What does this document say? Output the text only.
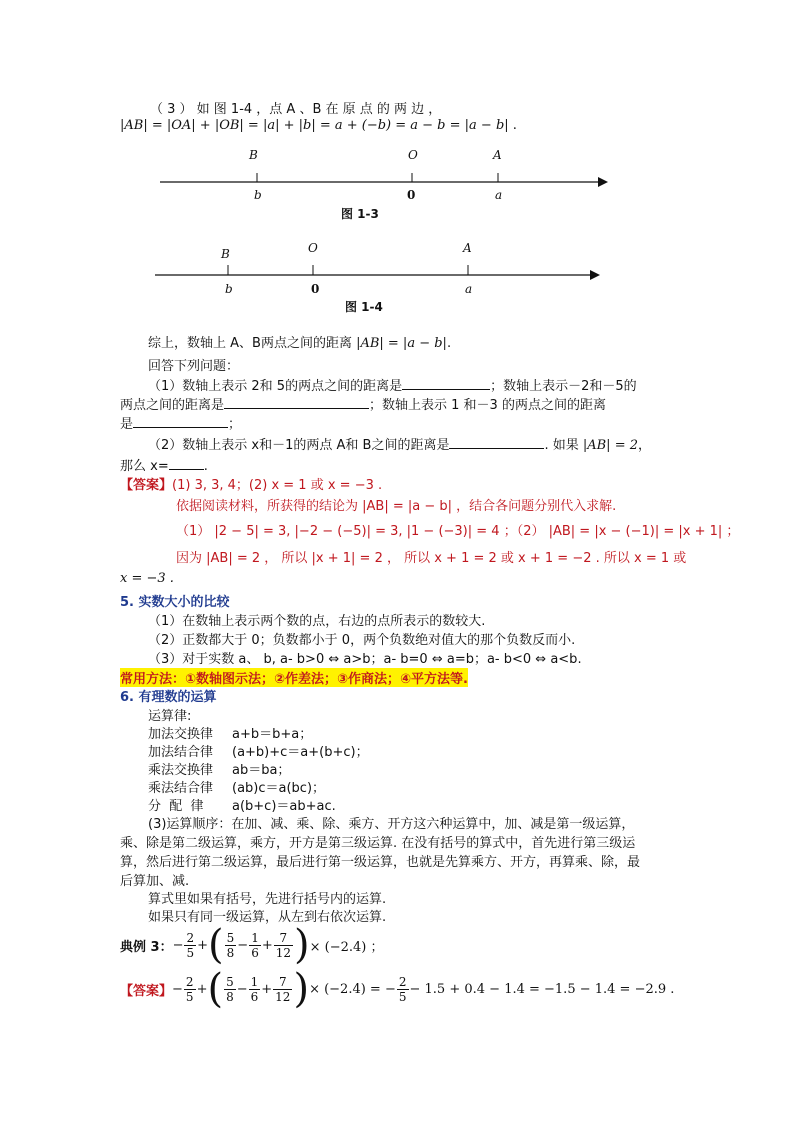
（ 3 ） 如 图 1-4 ，点 A 、B 在 原 点 的 两 边 ，
|AB| = |OA| + |OB| = |a| + |b| = a + (−b) = a − b = |a − b| .
B	O	A
b	0	a
图 1-3
B	O	A
b	0	a
图 1-4
综上，数轴上 A、B两点之间的距离 |AB| = |a − b|.
回答下列问题：
（1）数轴上表示 2和 5的两点之间的距离是	；数轴上表示－2和－5的
两点之间的距离是	；数轴上表示 1 和－3 的两点之间的距离
是	；
（2）数轴上表示 x和－1的两点 A和 B之间的距离是	. 如果 |AB| = 2，
那么 x=	.
【答案】(1) 3, 3, 4；(2) x = 1 或 x = −3 .
依据阅读材料，所获得的结论为 |AB| = |a − b| ，结合各问题分别代入求解.
（1） |2 − 5| = 3, |−2 − (−5)| = 3, |1 − (−3)| = 4 ；（2） |AB| = |x − (−1)| = |x + 1| ；
因为 |AB| = 2 ， 所以 |x + 1| = 2 ， 所以 x + 1 = 2 或 x + 1 = −2 . 所以 x = 1 或
x = −3 .
5. 实数大小的比较
（1）在数轴上表示两个数的点，右边的点所表示的数较大.
（2）正数都大于 0；负数都小于 0，两个负数绝对值大的那个负数反而小.
（3）对于实数 a、 b, a- b>0 ⇔ a>b；a- b=0 ⇔ a=b；a- b<0 ⇔ a<b.
常用方法：①数轴图示法；②作差法；③作商法；④平方法等.
6. 有理数的运算
运算律:
加法交换律 a+b＝b+a；
加法结合律 (a+b)+c＝a+(b+c)；
乘法交换律 ab＝ba；
乘法结合律 (ab)c＝a(bc)；
分  配  律 a(b+c)＝ab+ac.
(3)运算顺序：在加、减、乘、除、乘方、开方这六种运算中，加、减是第一级运算，
乘、除是第二级运算，乘方，开方是第三级运算. 在没有括号的算式中，首先进行第三级运
算，然后进行第二级运算，最后进行第一级运算，也就是先算乘方、开方，再算乘、除，最
后算加、减.
算式里如果有括号，先进行括号内的运算.
如果只有同一级运算，从左到右依次运算.
典例 3： − $\frac{2}{5}$ + ( 5
$8 - \frac{1}{6} + \frac{7}{12}$ ) × (−2.4) ；
【答案】 − $\frac{2}{5}$ + ( 5
$8 - \frac{1}{6} + \frac{7}{12}$ ) × (−2.4) = − $\frac{2}{5} - 1.5 + 0.4 - 1.4 = -1.5 - 1.4 = -2.9$ .
